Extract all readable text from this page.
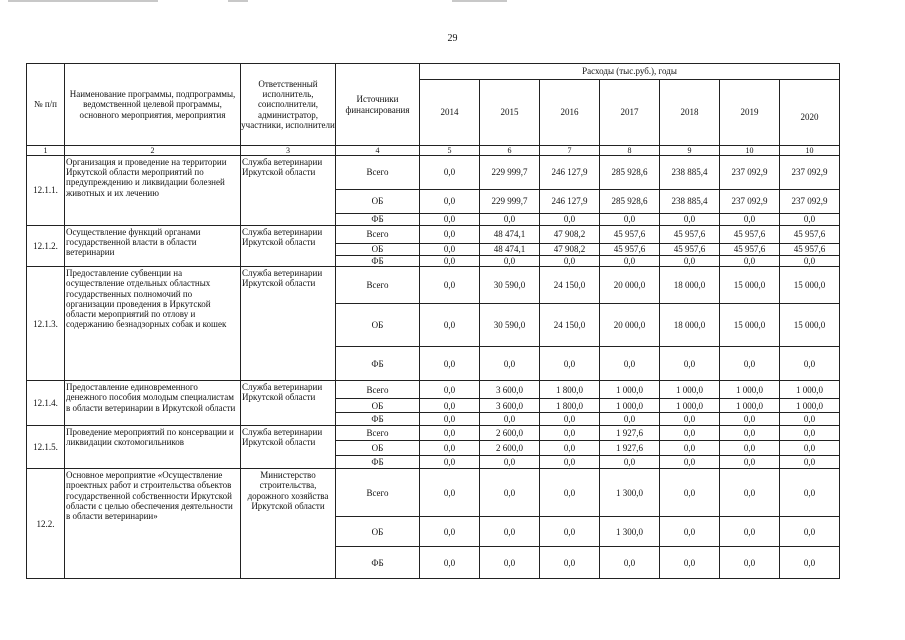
29
№ п/п	Наименование программы, подпрограммы, ведомственной целевой программы, основного мероприятия, мероприятия	Ответственный исполнитель, соисполнители, администратор, участники, исполнители	Источники финансирования	Расходы (тыс.руб.), годы						
				2014	2015	2016	2017	2018	2019	2020
1	2	3	4	5	6	7	8	9	10	10
12.1.1.	Организация и проведение на территории Иркутской области мероприятий по предупреждению и ликвидации болезней животных и их лечению	Служба ветеринарии Иркутской области	Всего	0,0	229 999,7	246 127,9	285 928,6	238 885,4	237 092,9	237 092,9
			ОБ	0,0	229 999,7	246 127,9	285 928,6	238 885,4	237 092,9	237 092,9
			ФБ	0,0	0,0	0,0	0,0	0,0	0,0	0,0
12.1.2.	Осуществление функций органами государственной власти в области ветеринарии	Служба ветеринарии Иркутской области	Всего	0,0	48 474,1	47 908,2	45 957,6	45 957,6	45 957,6	45 957,6
			ОБ	0,0	48 474,1	47 908,2	45 957,6	45 957,6	45 957,6	45 957,6
			ФБ	0,0	0,0	0,0	0,0	0,0	0,0	0,0
12.1.3.	Предоставление субвенции на осуществление отдельных областных государственных полномочий по организации проведения в Иркутской области мероприятий по отлову и содержанию безнадзорных собак и кошек	Служба ветеринарии Иркутской области	Всего	0,0	30 590,0	24 150,0	20 000,0	18 000,0	15 000,0	15 000,0
			ОБ	0,0	30 590,0	24 150,0	20 000,0	18 000,0	15 000,0	15 000,0
			ФБ	0,0	0,0	0,0	0,0	0,0	0,0	0,0
12.1.4.	Предоставление единовременного денежного пособия молодым специалистам в области ветеринарии в Иркутской области	Служба ветеринарии Иркутской области	Всего	0,0	3 600,0	1 800,0	1 000,0	1 000,0	1 000,0	1 000,0
			ОБ	0,0	3 600,0	1 800,0	1 000,0	1 000,0	1 000,0	1 000,0
			ФБ	0,0	0,0	0,0	0,0	0,0	0,0	0,0
12.1.5.	Проведение мероприятий по консервации и ликвидации скотомогильников	Служба ветеринарии Иркутской области	Всего	0,0	2 600,0	0,0	1 927,6	0,0	0,0	0,0
			ОБ	0,0	2 600,0	0,0	1 927,6	0,0	0,0	0,0
			ФБ	0,0	0,0	0,0	0,0	0,0	0,0	0,0
12.2.	Основное мероприятие «Осуществление проектных работ и строительства объектов государственной собственности Иркутской области с целью обеспечения деятельности в области ветеринарии»	Министерство строительства, дорожного хозяйства Иркутской области	Всего	0,0	0,0	0,0	1 300,0	0,0	0,0	0,0
			ОБ	0,0	0,0	0,0	1 300,0	0,0	0,0	0,0
			ФБ	0,0	0,0	0,0	0,0	0,0	0,0	0,0
